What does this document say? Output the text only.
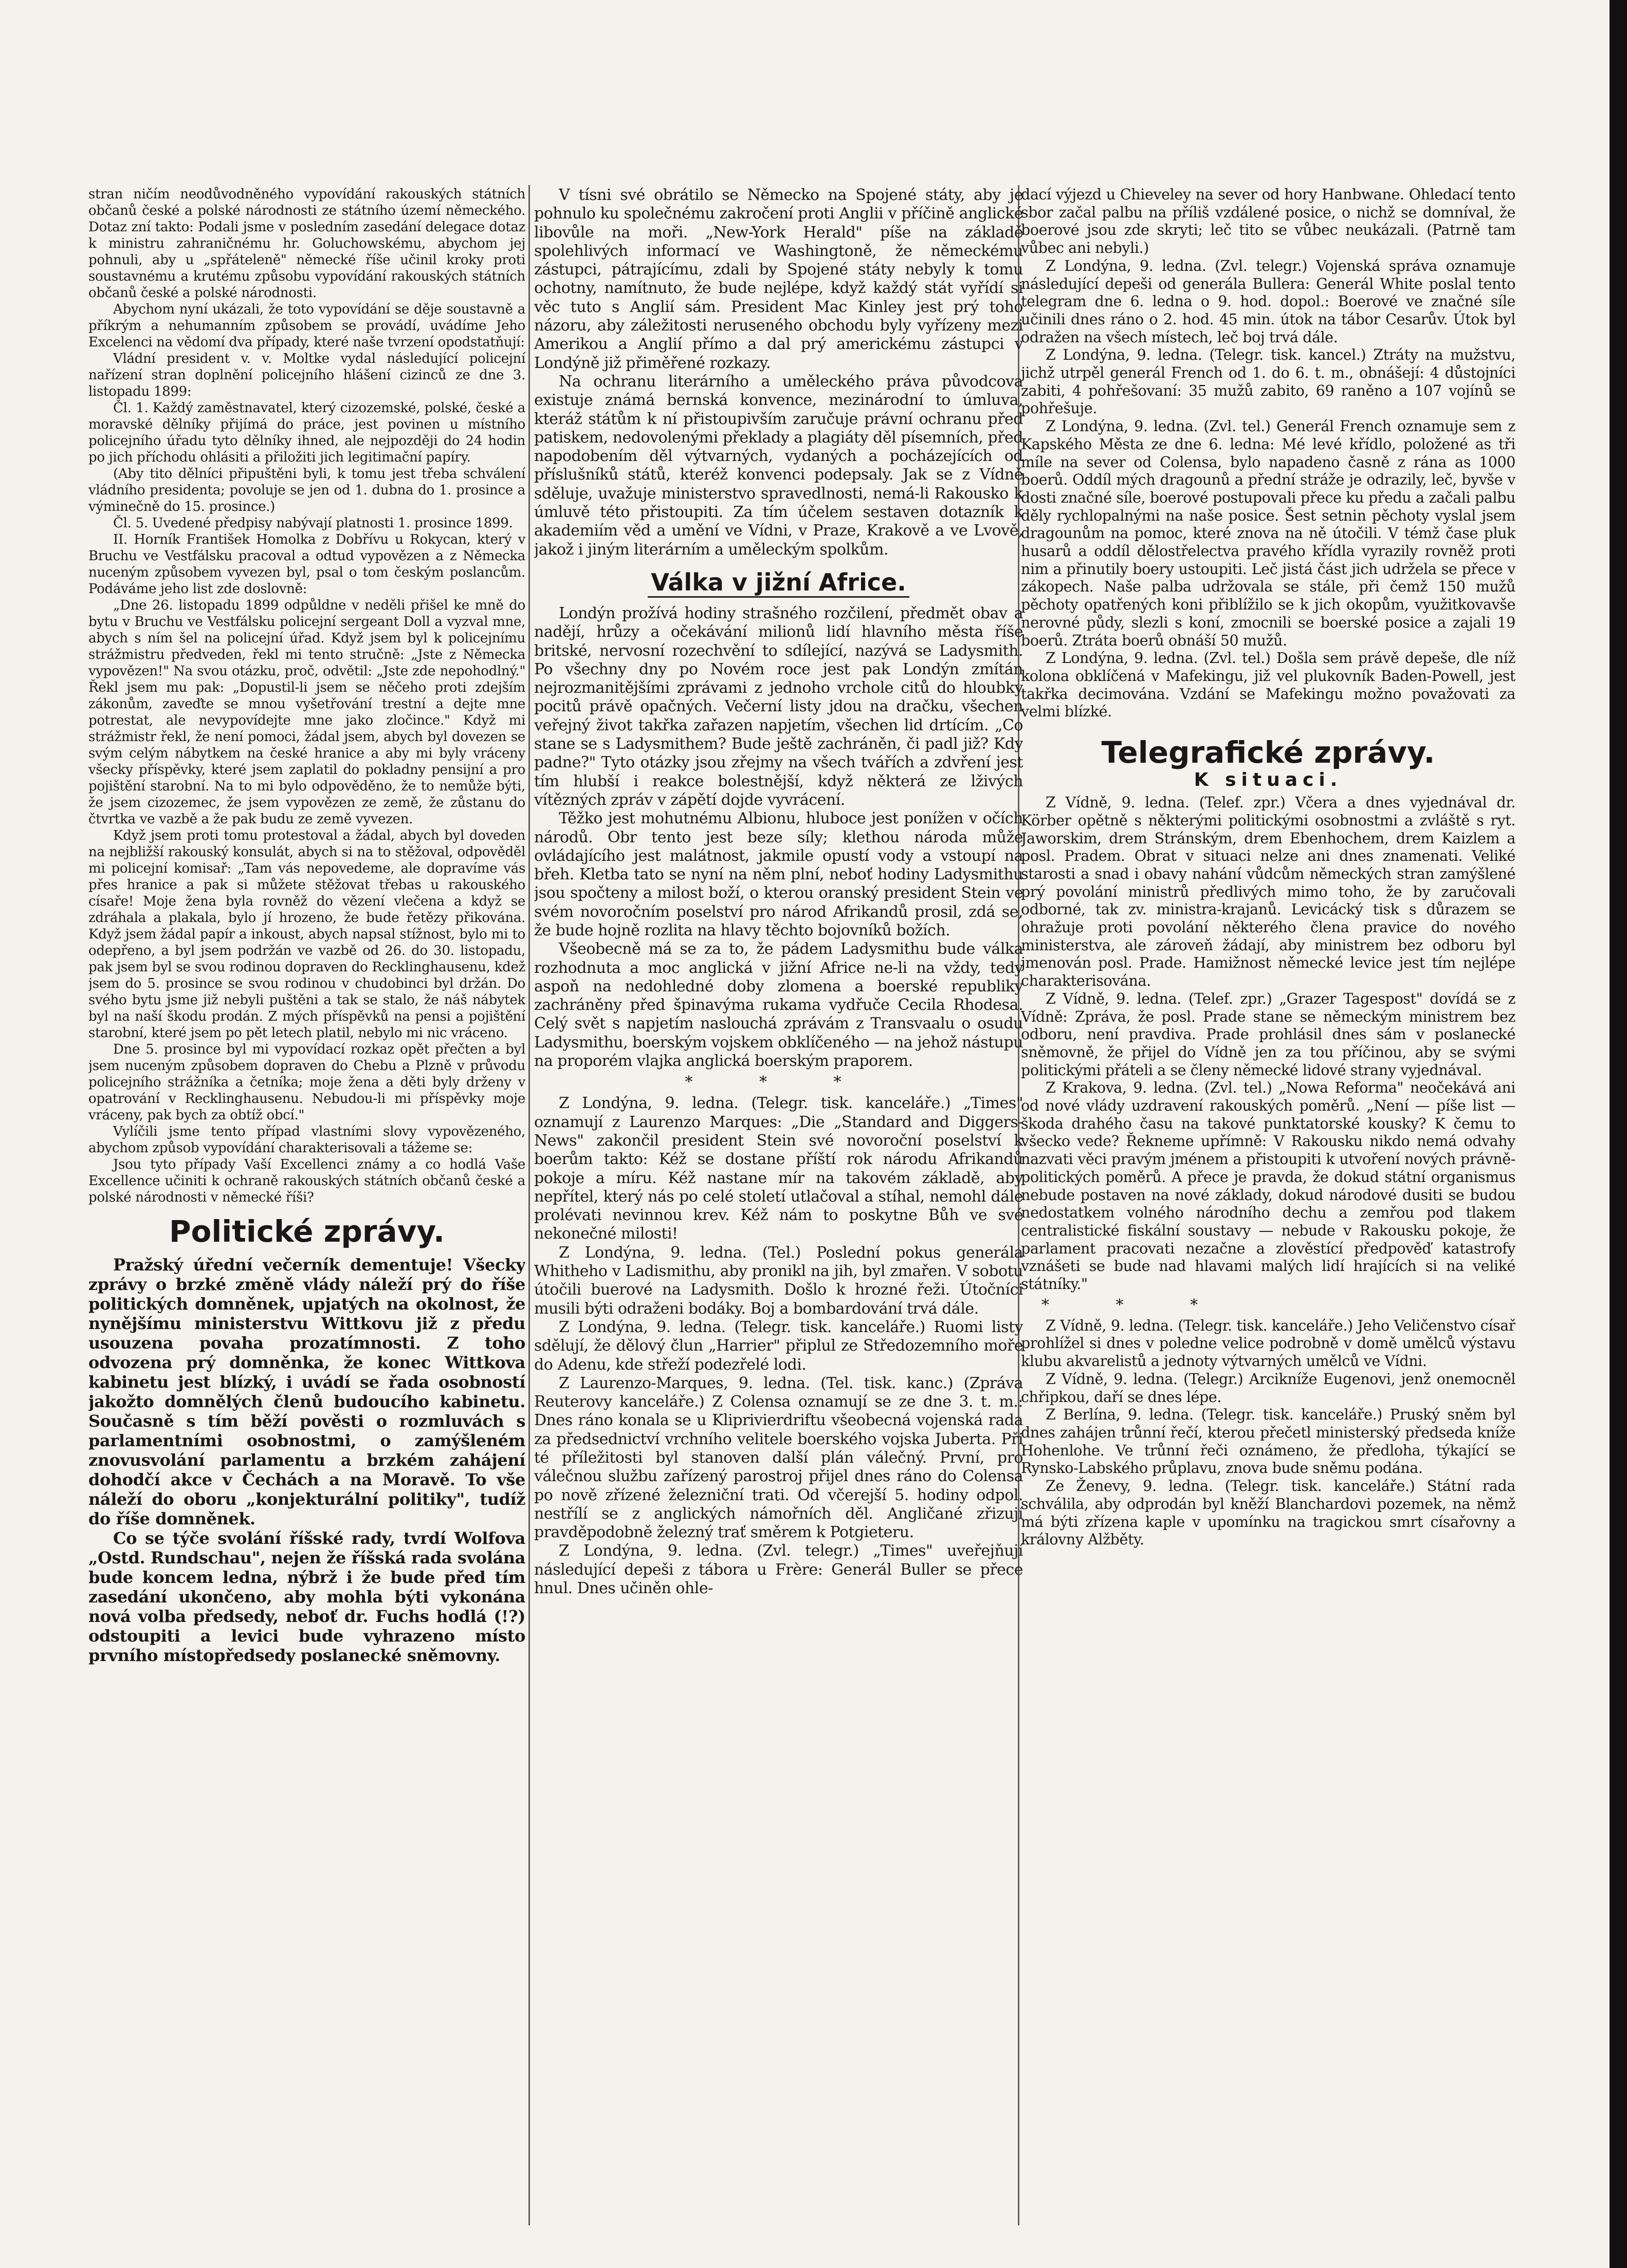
stran ničím neodůvodněného vypovídání rakouských státních občanů české a polské národnosti ze státního území německého. Dotaz zní takto: Podali jsme v posledním zasedání delegace dotaz k ministru zahraničnému hr. Goluchowskému, abychom jej pohnuli, aby u „spřáteleně" německé říše učinil kroky proti soustavnému a krutému způsobu vypovídání rakouských státních občanů české a polské národnosti.

Abychom nyní ukázali, že toto vypovídání se děje soustavně a příkrým a nehumanním způsobem se provádí, uvádíme Jeho Excelenci na vědomí dva případy, které naše tvrzení opodstatňují:

Vládní president v. v. Moltke vydal následující policejní nařízení stran doplnění policejního hlášení cizinců ze dne 3. listopadu 1899:

Čl. 1. Každý zaměstnavatel, který cizozemské, polské, české a moravské dělníky přijímá do práce, jest povinen u místního policejního úřadu tyto dělníky ihned, ale nejpozději do 24 hodin po jich příchodu ohlásiti a přiložiti jich legitimační papíry.

(Aby tito dělníci připuštěni byli, k tomu jest třeba schválení vládního presidenta; povoluje se jen od 1. dubna do 1. prosince a výminečně do 15. prosince.)

Čl. 5. Uvedené předpisy nabývají platnosti 1. prosince 1899.

II. Horník František Homolka z Dobřívu u Rokycan, který v Bruchu ve Vestfálsku pracoval a odtud vypovězen a z Německa nuceným způsobem vyvezen byl, psal o tom českým poslancům. Podáváme jeho list zde doslovně:

„Dne 26. listopadu 1899 odpůldne v neděli přišel ke mně do bytu v Bruchu ve Vestfálsku policejní sergeant Doll a vyzval mne, abych s ním šel na policejní úřad. Když jsem byl k policejnímu strážmistru předveden, řekl mi tento stručně: „Jste z Německa vypovězen!" Na svou otázku, proč, odvětil: „Jste zde nepohodlný." Řekl jsem mu pak: „Dopustil-li jsem se něčeho proti zdejším zákonům, zaveďte se mnou vyšetřování trestní a dejte mne potrestat, ale nevypovídejte mne jako zločince." Když mi strážmistr řekl, že není pomoci, žádal jsem, abych byl dovezen se svým celým nábytkem na české hranice a aby mi byly vráceny všecky příspěvky, které jsem zaplatil do pokladny pensijní a pro pojištění starobní. Na to mi bylo odpověděno, že to nemůže býti, že jsem cizozemec, že jsem vypovězen ze země, že zůstanu do čtvrtka ve vazbě a že pak budu ze země vyvezen.

Když jsem proti tomu protestoval a žádal, abych byl doveden na nejbližší rakouský konsulát, abych si na to stěžoval, odpověděl mi policejní komisař: „Tam vás nepovedeme, ale dopravíme vás přes hranice a pak si můžete stěžovat třebas u rakouského císaře! Moje žena byla rovněž do vězení vlečena a když se zdráhala a plakala, bylo jí hrozeno, že bude řetězy přikována. Když jsem žádal papír a inkoust, abych napsal stížnost, bylo mi to odepřeno, a byl jsem podržán ve vazbě od 26. do 30. listopadu, pak jsem byl se svou rodinou dopraven do Recklinghausenu, kdež jsem do 5. prosince se svou rodinou v chudobinci byl držán. Do svého bytu jsme již nebyli puštěni a tak se stalo, že náš nábytek byl na naší škodu prodán. Z mých příspěvků na pensi a pojištění starobní, které jsem po pět letech platil, nebylo mi nic vráceno.

Dne 5. prosince byl mi vypovídací rozkaz opět přečten a byl jsem nuceným způsobem dopraven do Chebu a Plzně v průvodu policejního strážníka a četníka; moje žena a děti byly drženy v opatrování v Recklinghausenu. Nebudou-li mi příspěvky moje vráceny, pak bych za obtíž obcí."

Vylíčili jsme tento případ vlastními slovy vypovězeného, abychom způsob vypovídání charakterisovali a tážeme se:

Jsou tyto případy Vaší Excellenci známy a co hodlá Vaše Excellence učiniti k ochraně rakouských státních občanů české a polské národnosti v německé říši?

Politické zprávy.

Pražský úřední večerník dementuje! Všecky zprávy o brzké změně vlády náleží prý do říše politických domněnek, upjatých na okolnost, že nynějšímu ministerstvu Wittkovu již z předu usouzena povaha prozatímnosti. Z toho odvozena prý domněnka, že konec Wittkova kabinetu jest blízký, i uvádí se řada osobností jakožto domnělých členů budoucího kabinetu. Současně s tím běží pověsti o rozmluvách s parlamentními osobnostmi, o zamýšleném znovusvolání parlamentu a brzkém zahájení dohodčí akce v Čechách a na Moravě. To vše náleží do oboru „konjekturální politiky", tudíž do říše domněnek.

Co se týče svolání říšské rady, tvrdí Wolfova „Ostd. Rundschau", nejen že říšská rada svolána bude koncem ledna, nýbrž i že bude před tím zasedání ukončeno, aby mohla býti vykonána nová volba předsedy, neboť dr. Fuchs hodlá (!?) odstoupiti a levici bude vyhrazeno místo prvního místopředsedy poslanecké sněmovny.

V tísni své obrátilo se Německo na Spojené státy, aby je pohnulo ku společnému zakročení proti Anglii v příčině anglické libovůle na moři. „New-York Herald" píše na základě spolehlivých informací ve Washingtoně, že německému zástupci, pátrajícímu, zdali by Spojené státy nebyly k tomu ochotny, namítnuto, že bude nejlépe, když každý stát vyřídí si věc tuto s Anglií sám. President Mac Kinley jest prý toho názoru, aby záležitosti neruseného obchodu byly vyřízeny mezi Amerikou a Anglií přímo a dal prý americkému zástupci v Londýně již přiměřené rozkazy.

Na ochranu literárního a uměleckého práva původcova existuje známá bernská konvence, mezinárodní to úmluva, kteráž státům k ní přistoupivším zaručuje právní ochranu před patiskem, nedovolenými překlady a plagiáty děl písemních, před napodobením děl výtvarných, vydaných a pocházejících od příslušníků států, kteréž konvenci podepsaly. Jak se z Vídně sděluje, uvažuje ministerstvo spravedlnosti, nemá-li Rakousko k úmluvě této přistoupiti. Za tím účelem sestaven dotazník k akademiím věd a umění ve Vídni, v Praze, Krakově a ve Lvově, jakož i jiným literárním a uměleckým spolkům.

Válka v jižní Africe.

Londýn prožívá hodiny strašného rozčilení, předmět obav a nadějí, hrůzy a očekávání milionů lidí hlavního města říše britské, nervosní rozechvění to sdílející, nazývá se Ladysmith. Po všechny dny po Novém roce jest pak Londýn zmítán nejrozmanitějšími zprávami z jednoho vrchole citů do hloubky pocitů právě opačných. Večerní listy jdou na dračku, všechen veřejný život takřka zařazen napjetím, všechen lid drtícím. „Co stane se s Ladysmithem? Bude ještě zachráněn, či padl již? Kdy padne?" Tyto otázky jsou zřejmy na všech tvářích a zdvření jest tím hlubší i reakce bolestnější, když některá ze lživých vítězných zpráv v zápětí dojde vyvrácení.

Těžko jest mohutnému Albionu, hluboce jest ponížen v očích národů. Obr tento jest beze síly; klethou národa může ovládajícího jest malátnost, jakmile opustí vody a vstoupí na břeh. Kletba tato se nyní na něm plní, neboť hodiny Ladysmithu jsou spočteny a milost boží, o kterou oranský president Stein ve svém novoročním poselství pro národ Afrikandů prosil, zdá se, že bude hojně rozlita na hlavy těchto bojovníků božích.

Všeobecně má se za to, že pádem Ladysmithu bude válka rozhodnuta a moc anglická v jižní Africe ne-li na vždy, tedy aspoň na nedohledné doby zlomena a boerské republiky zachráněny před špinavýma rukama vydřuče Cecila Rhodesa. Celý svět s napjetím naslouchá zprávám z Transvaalu o osudu Ladysmithu, boerským vojskem obklíčeného — na jehož nástupu na proporém vlajka anglická boerským praporem.

* * *

Z Londýna, 9. ledna. (Telegr. tisk. kanceláře.) „Times" oznamují z Laurenzo Marques: „Die „Standard and Diggers-News" zakončil president Stein své novoroční poselství k boerům takto: Kéž se dostane příští rok národu Afrikandů pokoje a míru. Kéž nastane mír na takovém základě, aby nepřítel, který nás po celé století utlačoval a stíhal, nemohl dále prolévati nevinnou krev. Kéž nám to poskytne Bůh ve své nekonečné milosti!

Z Londýna, 9. ledna. (Tel.) Poslední pokus generála Whitheho v Ladismithu, aby pronikl na jih, byl zmařen. V sobotu útočili buerové na Ladysmith. Došlo k hrozné řeži. Útočníci musili býti odraženi bodáky. Boj a bombardování trvá dále.

Z Londýna, 9. ledna. (Telegr. tisk. kanceláře.) Ruomi listy sdělují, že dělový člun „Harrier" připlul ze Středozemního moře do Adenu, kde střeží podezřelé lodi.

Z Laurenzo-Marques, 9. ledna. (Tel. tisk. kanc.) (Zpráva Reuterovy kanceláře.) Z Colensa oznamují se ze dne 3. t. m.: Dnes ráno konala se u Kliprivierdriftu všeobecná vojenská rada za předsednictví vrchního velitele boerského vojska Juberta. Při té příležitosti byl stanoven další plán válečný. První, pro válečnou službu zařízený parostroj přijel dnes ráno do Colensa po nově zřízené železniční trati. Od včerejší 5. hodiny odpol. nestřílí se z anglických námořních děl. Angličané zřizují pravděpodobně železný trať směrem k Potgieteru.

Z Londýna, 9. ledna. (Zvl. telegr.) „Times" uveřejňují následující depeši z tábora u Frère: Generál Buller se přece hnul. Dnes učiněn ohle-

dací výjezd u Chieveley na sever od hory Hanbwane. Ohledací tento sbor začal palbu na příliš vzdálené posice, o nichž se domníval, že boerové jsou zde skryti; leč tito se vůbec neukázali. (Patrně tam vůbec ani nebyli.)

Z Londýna, 9. ledna. (Zvl. telegr.) Vojenská správa oznamuje následující depeši od generála Bullera: Generál White poslal tento telegram dne 6. ledna o 9. hod. dopol.: Boerové ve značné síle učinili dnes ráno o 2. hod. 45 min. útok na tábor Cesarův. Útok byl odražen na všech místech, leč boj trvá dále.

Z Londýna, 9. ledna. (Telegr. tisk. kancel.) Ztráty na mužstvu, jichž utrpěl generál French od 1. do 6. t. m., obnášejí: 4 důstojníci zabiti, 4 pohřešovaní: 35 mužů zabito, 69 raněno a 107 vojínů se pohřešuje.

Z Londýna, 9. ledna. (Zvl. tel.) Generál French oznamuje sem z Kapského Města ze dne 6. ledna: Mé levé křídlo, položené as tři míle na sever od Colensa, bylo napadeno časně z rána as 1000 boerů. Oddíl mých dragounů a přední stráže je odrazily, leč, byvše v dosti značné síle, boerové postupovali přece ku předu a začali palbu děly rychlopalnými na naše posice. Šest setnin pěchoty vyslal jsem dragounům na pomoc, které znova na ně útočili. V témž čase pluk husarů a oddíl dělostřelectva pravého křídla vyrazily rovněž proti nim a přinutily boery ustoupiti. Leč jistá část jich udržela se přece v zákopech. Naše palba udržovala se stále, při čemž 150 mužů pěchoty opatřených koni přiblížilo se k jich okopům, využitkovavše nerovné půdy, slezli s koní, zmocnili se boerské posice a zajali 19 boerů. Ztráta boerů obnáší 50 mužů.

Z Londýna, 9. ledna. (Zvl. tel.) Došla sem právě depeše, dle níž kolona obklíčená v Mafekingu, již vel plukovník Baden-Powell, jest takřka decimována. Vzdání se Mafekingu možno považovati za velmi blízké.

Telegrafické zprávy.
K situaci.

Z Vídně, 9. ledna. (Telef. zpr.) Včera a dnes vyjednával dr. Körber opětně s některými politickými osobnostmi a zvláště s ryt. Jaworskim, drem Stránským, drem Ebenhochem, drem Kaizlem a posl. Pradem. Obrat v situaci nelze ani dnes znamenati. Veliké starosti a snad i obavy nahání vůdcům německých stran zamýšlené prý povolání ministrů předlivých mimo toho, že by zaručovali odborné, tak zv. ministra-krajanů. Levicácký tisk s důrazem se ohražuje proti povolání některého člena pravice do nového ministerstva, ale zároveň žádají, aby ministrem bez odboru byl jmenován posl. Prade. Hamižnost německé levice jest tím nejlépe charakterisována.

Z Vídně, 9. ledna. (Telef. zpr.) „Grazer Tagespost" dovídá se z Vídně: Zpráva, že posl. Prade stane se německým ministrem bez odboru, není pravdiva. Prade prohlásil dnes sám v poslanecké sněmovně, že přijel do Vídně jen za tou příčinou, aby se svými politickými přáteli a se členy německé lidové strany vyjednával.

Z Krakova, 9. ledna. (Zvl. tel.) „Nowa Reforma" neočekává ani od nové vlády uzdravení rakouských poměrů. „Není — píše list — škoda drahého času na takové punktatorské kousky? K čemu to všecko vede? Řekneme upřímně: V Rakousku nikdo nemá odvahy nazvati věci pravým jménem a přistoupiti k utvoření nových právně-politických poměrů. A přece je pravda, že dokud státní organismus nebude postaven na nové základy, dokud národové dusiti se budou nedostatkem volného národního dechu a zemřou pod tlakem centralistické fiskální soustavy — nebude v Rakousku pokoje, že parlament pracovati nezačne a zlověstící předpověď katastrofy vznášeti se bude nad hlavami malých lidí hrajících si na veliké státníky."

* * *

Z Vídně, 9. ledna. (Telegr. tisk. kanceláře.) Jeho Veličenstvo císař prohlížel si dnes v poledne velice podrobně v domě umělců výstavu klubu akvarelistů a jednoty výtvarných umělců ve Vídni.

Z Vídně, 9. ledna. (Telegr.) Arcikníže Eugenovi, jenž onemocněl chřipkou, daří se dnes lépe.

Z Berlína, 9. ledna. (Telegr. tisk. kanceláře.) Pruský sněm byl dnes zahájen trůnní řečí, kterou přečetl ministerský předseda kníže Hohenlohe. Ve trůnní řeči oznámeno, že předloha, týkající se Rynsko-Labského průplavu, znova bude sněmu podána.

Ze Ženevy, 9. ledna. (Telegr. tisk. kanceláře.) Státní rada schválila, aby odprodán byl kněží Blanchardovi pozemek, na němž má býti zřízena kaple v upomínku na tragickou smrt císařovny a královny Alžběty.
